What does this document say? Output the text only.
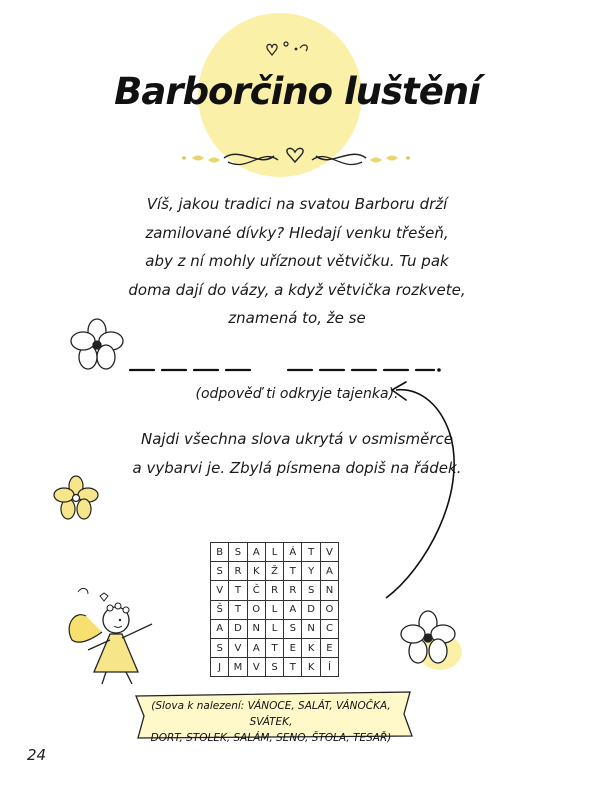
Barborčino luštění
Víš, jakou tradici na svatou Barboru drží
zamilované dívky? Hledají venku třešeň,
aby z ní mohly uříznout větvičku. Tu pak
doma dají do vázy, a když větvička rozkvete,
znamená to, že se
(odpověď ti odkryje tajenka).
Najdi všechna slova ukrytá v osmisměrce
a vybarvi je. Zbylá písmena dopiš na řádek.
B	S	A	L	Á	T	V
S	R	K	Ž	T	Y	A
V	T	Č	R	R	S	N
Š	T	O	L	A	D	O
A	D	N	L	S	N	C
S	V	A	T	E	K	E
J	M	V	S	T	K	Í
(Slova k nalezení: VÁNOCE, SALÁT, VÁNOČKA, SVÁTEK,
DORT, STOLEK, SALÁM, SENO, ŠTOLA, TESAŘ)
24
